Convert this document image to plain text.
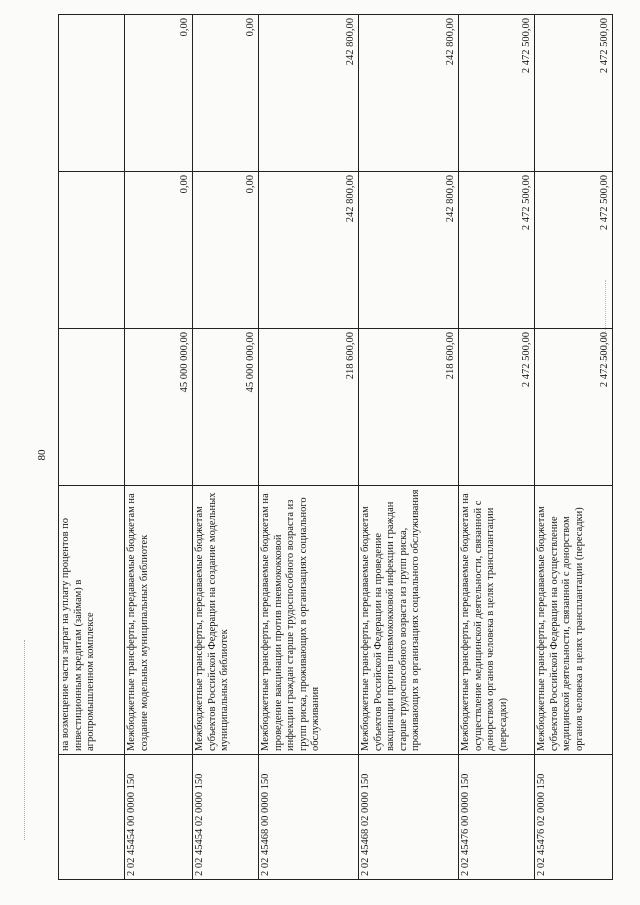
80
	на возмещение части затрат на уплату процентов по инвестиционным кредитам (займам) в агропромышленном комплексе			
2 02 45454 00 0000 150	Межбюджетные трансферты, передаваемые бюджетам на создание модельных муниципальных библиотек	45 000 000,00	0,00	0,00
2 02 45454 02 0000 150	Межбюджетные трансферты, передаваемые бюджетам субъектов Российской Федерации на создание модельных муниципальных библиотек	45 000 000,00	0,00	0,00
2 02 45468 00 0000 150	Межбюджетные трансферты, передаваемые бюджетам на проведение вакцинации против пневмококковой инфекции граждан старше трудоспособного возраста из групп риска, проживающих в организациях социального обслуживания	218 600,00	242 800,00	242 800,00
2 02 45468 02 0000 150	Межбюджетные трансферты, передаваемые бюджетам субъектов Российской Федерации на проведение вакцинации против пневмококковой инфекции граждан старше трудоспособного возраста из групп риска, проживающих в организациях социального обслуживания	218 600,00	242 800,00	242 800,00
2 02 45476 00 0000 150	Межбюджетные трансферты, передаваемые бюджетам на осуществление медицинской деятельности, связанной с донорством органов человека в целях трансплантации (пересадки)	2 472 500,00	2 472 500,00	2 472 500,00
2 02 45476 02 0000 150	Межбюджетные трансферты, передаваемые бюджетам субъектов Российской Федерации на осуществление медицинской деятельности, связанной с донорством органов человека в целях трансплантации (пересадки)	2 472 500,00	2 472 500,00	2 472 500,00
